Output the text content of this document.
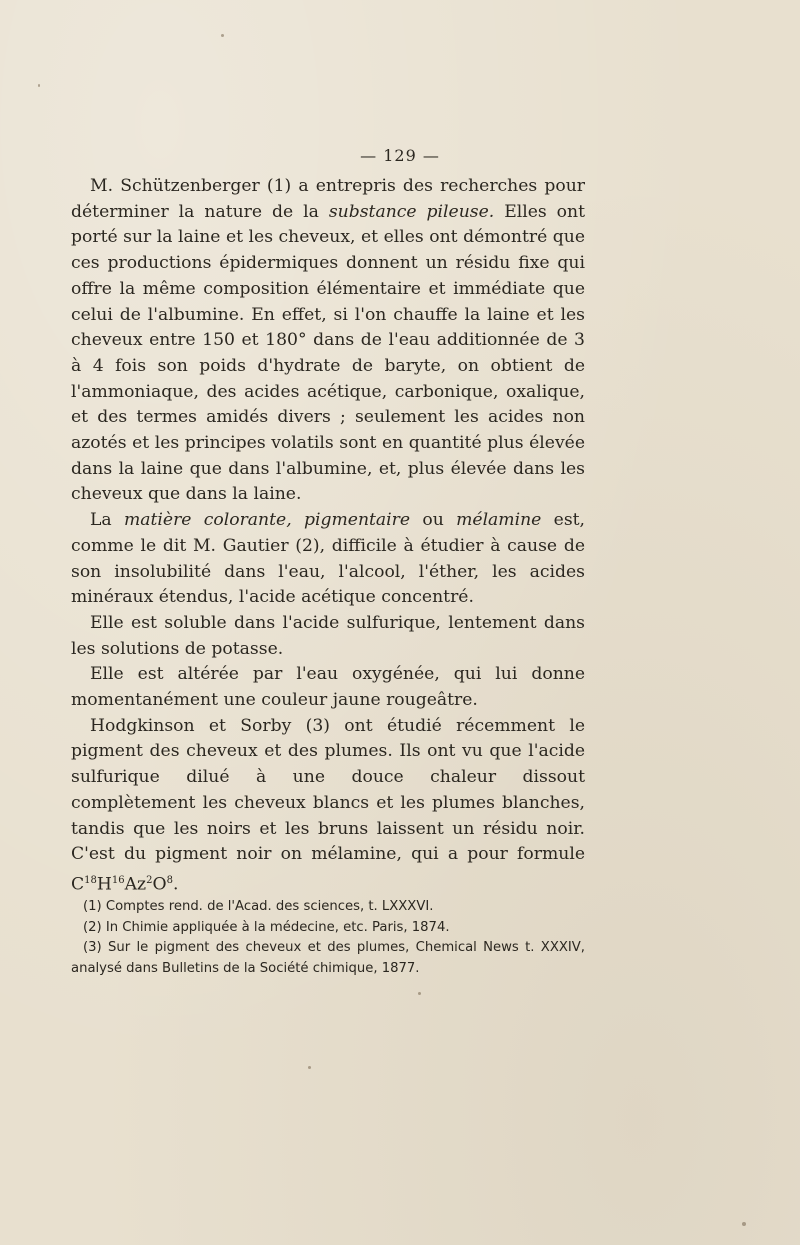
— 129 —

M. Schützenberger (1) a entrepris des recherches pour déterminer la nature de la substance pileuse. Elles ont porté sur la laine et les cheveux, et elles ont démontré que ces productions épidermiques donnent un résidu fixe qui offre la même composition élémentaire et immédiate que celui de l'albumine. En effet, si l'on chauffe la laine et les cheveux entre 150 et 180° dans de l'eau additionnée de 3 à 4 fois son poids d'hydrate de baryte, on obtient de l'ammoniaque, des acides acétique, carbonique, oxalique, et des termes amidés divers ; seulement les acides non azotés et les principes volatils sont en quantité plus élevée dans la laine que dans l'albumine, et, plus élevée dans les cheveux que dans la laine.

La matière colorante, pigmentaire ou mélamine est, comme le dit M. Gautier (2), difficile à étudier à cause de son insolubilité dans l'eau, l'alcool, l'éther, les acides minéraux étendus, l'acide acétique concentré.

Elle est soluble dans l'acide sulfurique, lentement dans les solutions de potasse.

Elle est altérée par l'eau oxygénée, qui lui donne momentanément une couleur jaune rougeâtre.

Hodgkinson et Sorby (3) ont étudié récemment le pigment des cheveux et des plumes. Ils ont vu que l'acide sulfurique dilué à une douce chaleur dissout complètement les cheveux blancs et les plumes blanches, tandis que les noirs et les bruns laissent un résidu noir. C'est du pigment noir on mélamine, qui a pour formule $C^{18}H^{16}Az^2O^8$.

(1) Comptes rend. de l'Acad. des sciences, t. LXXXVI.

(2) In Chimie appliquée à la médecine, etc. Paris, 1874.

(3) Sur le pigment des cheveux et des plumes, Chemical News t. XXXIV, analysé dans Bulletins de la Société chimique, 1877.
